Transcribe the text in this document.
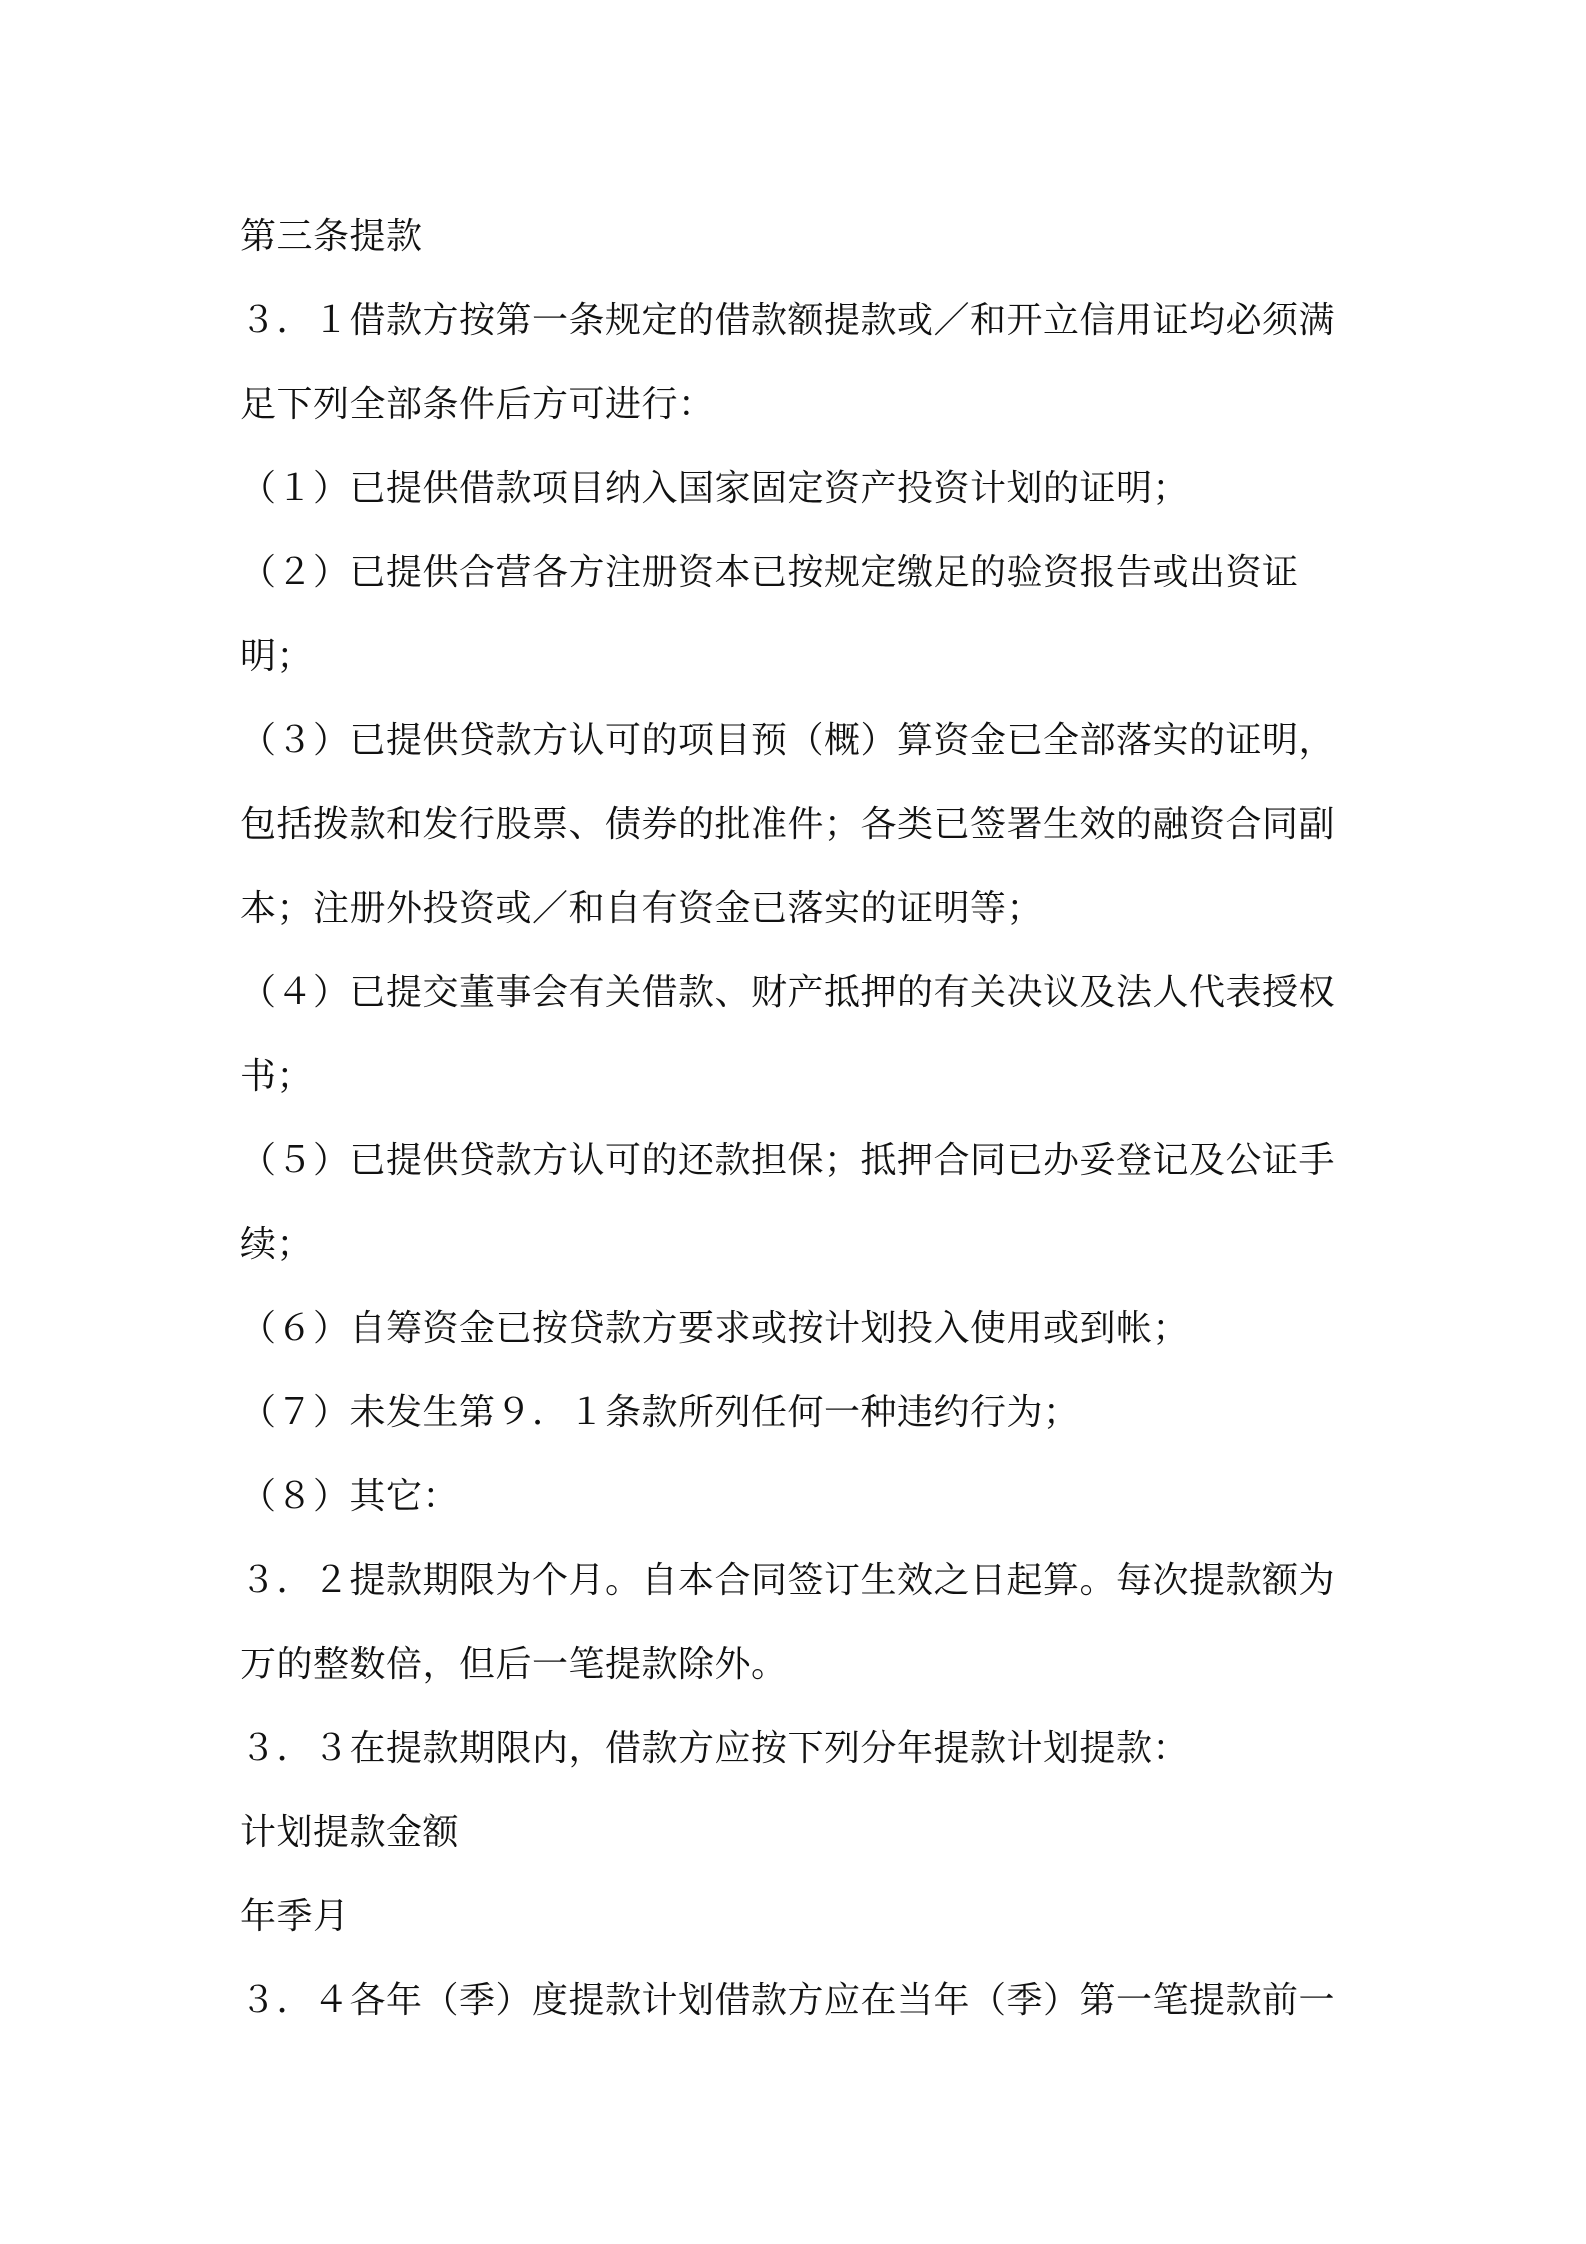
第三条提款
３．１借款方按第一条规定的借款额提款或／和开立信用证均必须满
足下列全部条件后方可进行：
（１）已提供借款项目纳入国家固定资产投资计划的证明；
（２）已提供合营各方注册资本已按规定缴足的验资报告或出资证
明；
（３）已提供贷款方认可的项目预（概）算资金已全部落实的证明，
包括拨款和发行股票、债券的批准件；各类已签署生效的融资合同副
本；注册外投资或／和自有资金已落实的证明等；
（４）已提交董事会有关借款、财产抵押的有关决议及法人代表授权
书；
（５）已提供贷款方认可的还款担保；抵押合同已办妥登记及公证手
续；
（６）自筹资金已按贷款方要求或按计划投入使用或到帐；
（７）未发生第９．１条款所列任何一种违约行为；
（８）其它：
３．２提款期限为个月。自本合同签订生效之日起算。每次提款额为
万的整数倍，但后一笔提款除外。
３．３在提款期限内，借款方应按下列分年提款计划提款：
计划提款金额
年季月
３．４各年（季）度提款计划借款方应在当年（季）第一笔提款前一
